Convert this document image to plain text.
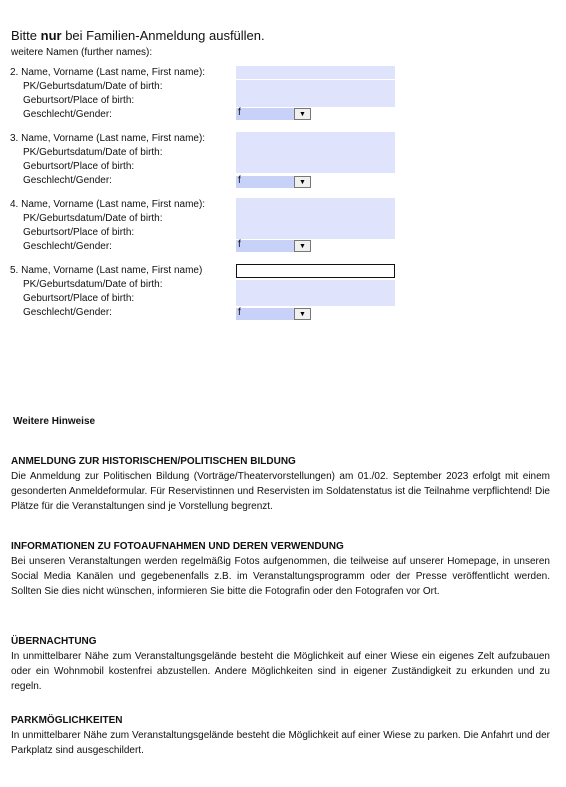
Bitte nur bei Familien-Anmeldung ausfüllen.
weitere Namen (further names):
2. Name, Vorname (Last name, First name):
PK/Geburtsdatum/Date of birth:
Geburtsort/Place of birth:
Geschlecht/Gender:	f	▼
3. Name, Vorname (Last name, First name):
PK/Geburtsdatum/Date of birth:
Geburtsort/Place of birth:
Geschlecht/Gender:	f	▼
4. Name, Vorname (Last name, First name):
PK/Geburtsdatum/Date of birth:
Geburtsort/Place of birth:
Geschlecht/Gender:	f	▼
5. Name, Vorname (Last name, First name)
PK/Geburtsdatum/Date of birth:
Geburtsort/Place of birth:
Geschlecht/Gender:	f	▼
Weitere Hinweise
ANMELDUNG ZUR HISTORISCHEN/POLITISCHEN BILDUNG
Die Anmeldung zur Politischen Bildung (Vorträge/Theatervorstellungen) am 01./02. September 2023 erfolgt mit einem gesonderten Anmeldeformular. Für Reservistinnen und Reservisten im Soldatenstatus ist die Teilnahme verpflichtend! Die Plätze für die Veranstaltungen sind je Vorstellung begrenzt.
INFORMATIONEN ZU FOTOAUFNAHMEN UND DEREN VERWENDUNG
Bei unseren Veranstaltungen werden regelmäßig Fotos aufgenommen, die teilweise auf unserer Homepage, in unseren Social Media Kanälen und gegebenenfalls z.B. im Veranstaltungsprogramm oder der Presse veröffentlicht werden. Sollten Sie dies nicht wünschen, informieren Sie bitte die Fotografin oder den Fotografen vor Ort.
ÜBERNACHTUNG
In unmittelbarer Nähe zum Veranstaltungsgelände besteht die Möglichkeit auf einer Wiese ein eigenes Zelt aufzubauen oder ein Wohnmobil kostenfrei abzustellen. Andere Möglichkeiten sind in eigener Zuständigkeit zu erkunden und zu regeln.
PARKMÖGLICHKEITEN
In unmittelbarer Nähe zum Veranstaltungsgelände besteht die Möglichkeit auf einer Wiese zu parken. Die Anfahrt und der Parkplatz sind ausgeschildert.
